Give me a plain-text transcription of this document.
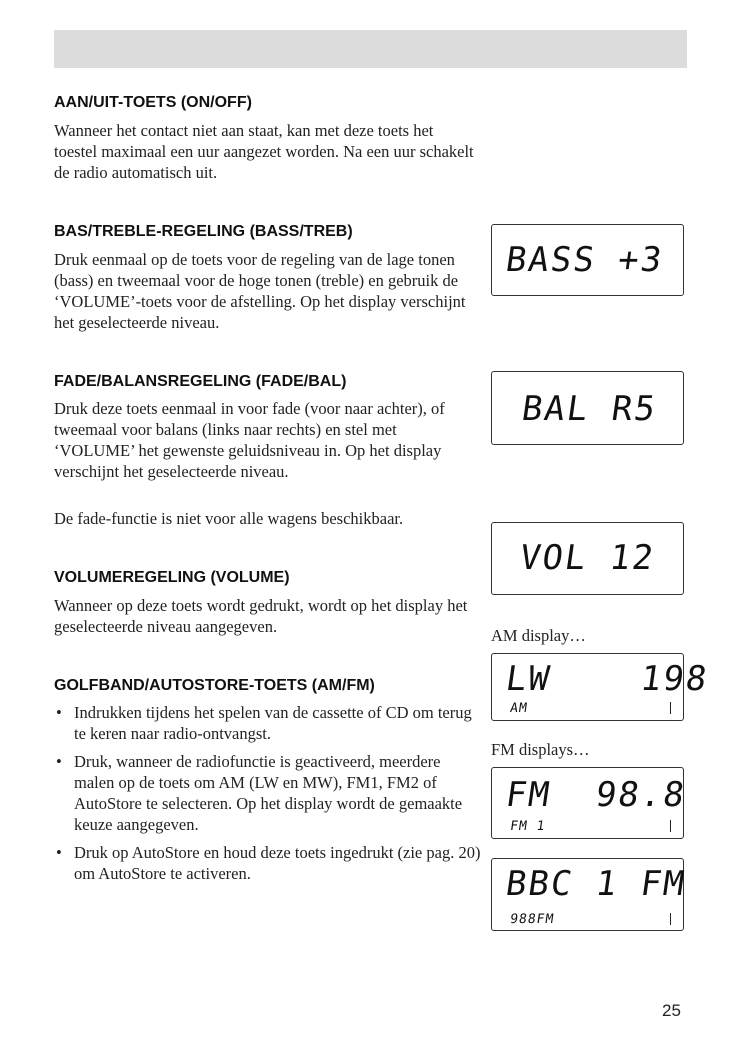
AAN/UIT-TOETS (ON/OFF)

Wanneer het contact niet aan staat, kan met deze toets het toestel maximaal een uur aangezet worden. Na een uur schakelt de radio automatisch uit.

BAS/TREBLE-REGELING (BASS/TREB)

Druk eenmaal op de toets voor de regeling van de lage tonen (bass) en tweemaal voor de hoge tonen (treble) en gebruik de ‘VOLUME’-toets voor de afstelling. Op het display verschijnt het geselecteerde niveau.

FADE/BALANSREGELING (FADE/BAL)

Druk deze toets eenmaal in voor fade (voor naar achter), of tweemaal voor balans (links naar rechts) en stel met ‘VOLUME’ het gewenste geluidsniveau in. Op het display verschijnt het geselecteerde niveau.

De fade-functie is niet voor alle wagens beschikbaar.

VOLUMEREGELING (VOLUME)

Wanneer op deze toets wordt gedrukt, wordt op het display het geselecteerde niveau aangegeven.

GOLFBAND/AUTOSTORE-TOETS (AM/FM)
• Indrukken tijdens het spelen van de cassette of CD om terug te keren naar radio-ontvangst.
• Druk, wanneer de radiofunctie is geactiveerd, meerdere malen op de toets om AM (LW en MW), FM1, FM2 of AutoStore te selecteren. Op het display wordt de gemaakte keuze aangegeven.
• Druk op AutoStore en houd deze toets ingedrukt (zie pag. 20) om AutoStore te activeren.
BASS +3
BAL R5
VOL 12

AM display…

LW    198
AM

FM displays…

FM  98.8
FM 1
BBC 1 FM
988FM

25
